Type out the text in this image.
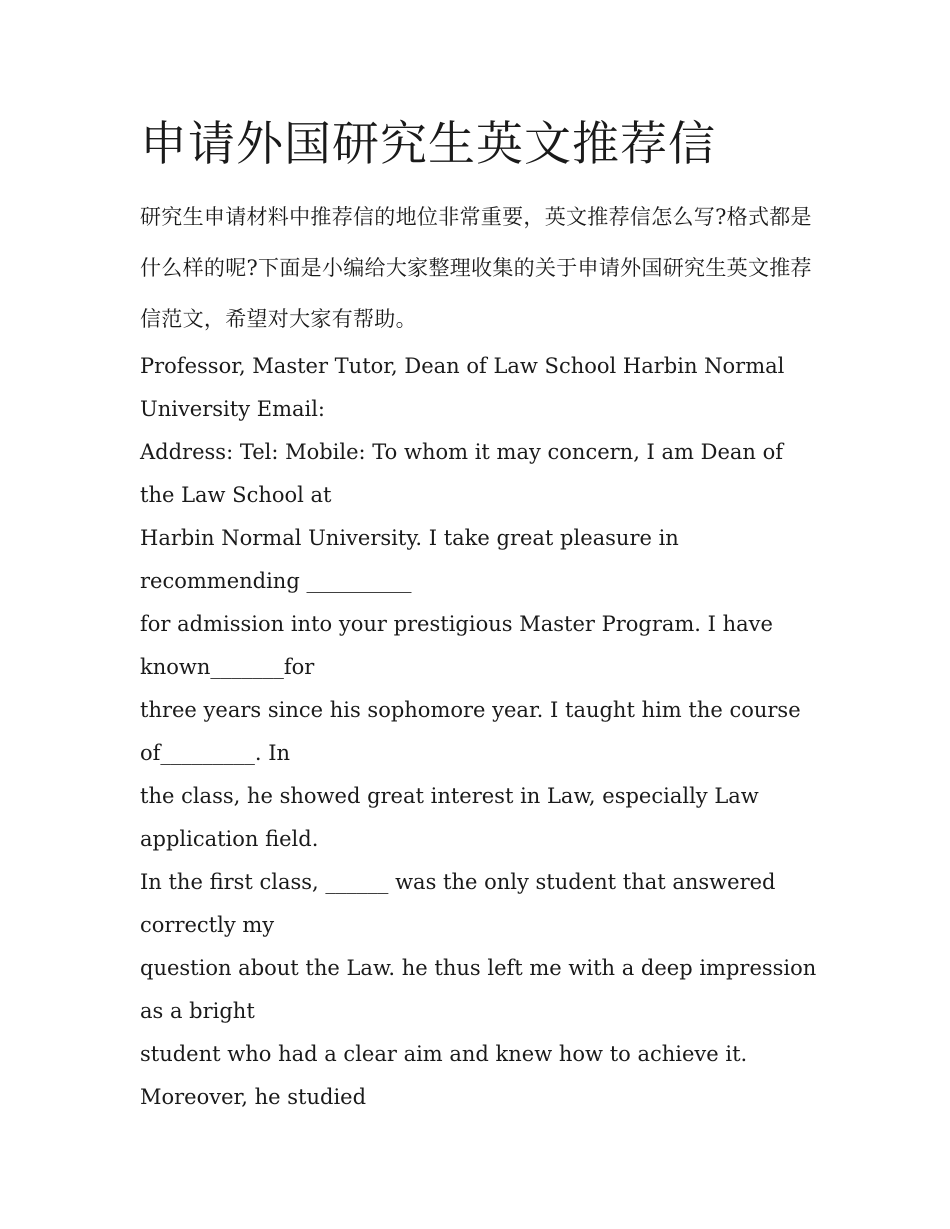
申请外国研究生英文推荐信

研究生申请材料中推荐信的地位非常重要，英文推荐信怎么写?格式都是什么样的呢?下面是小编给大家整理收集的关于申请外国研究生英文推荐信范文，希望对大家有帮助。

Professor, Master Tutor, Dean of Law School Harbin Normal University Email:

Address: Tel: Mobile: To whom it may concern, I am Dean of the Law School at

Harbin Normal University. I take great pleasure in recommending __________

for admission into your prestigious Master Program. I have known_______for

three years since his sophomore year. I taught him the course of_________. In

the class, he showed great interest in Law, especially Law application field.

In the first class, ______ was the only student that answered correctly my

question about the Law. he thus left me with a deep impression as a bright

student who had a clear aim and knew how to achieve it. Moreover, he studied
